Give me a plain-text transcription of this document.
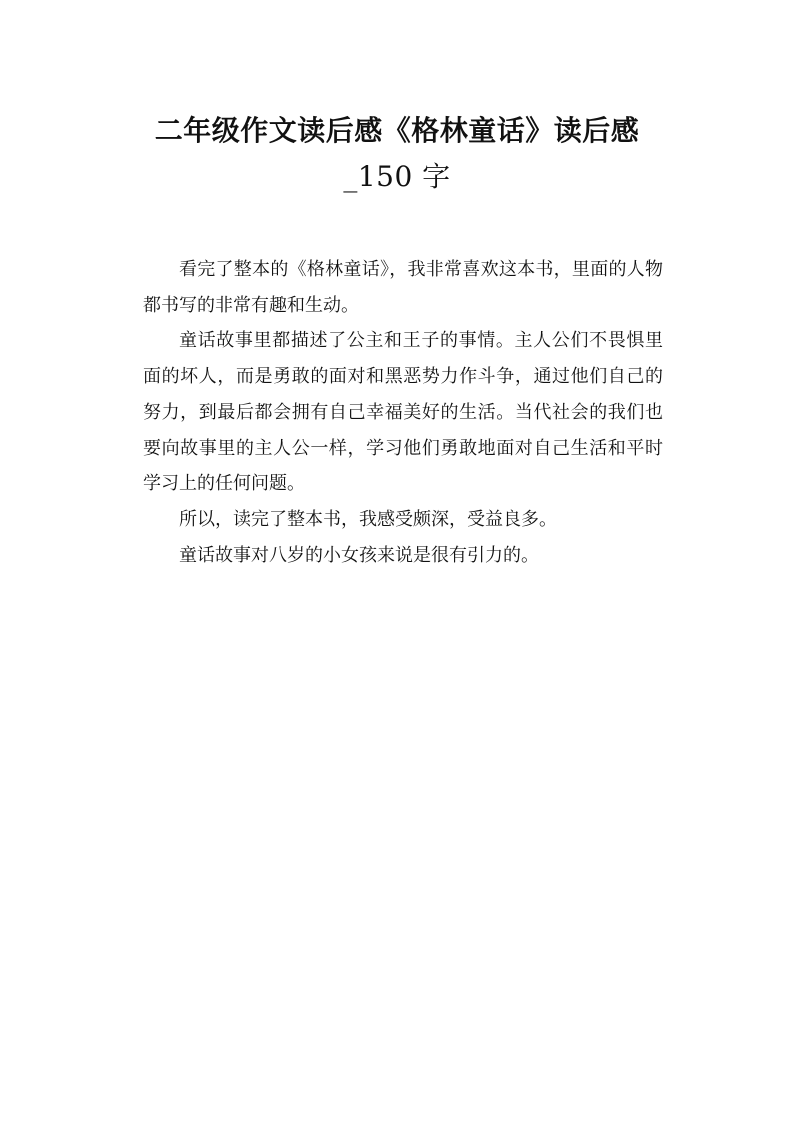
二年级作文读后感《格林童话》读后感
_150 字

看完了整本的《格林童话》，我非常喜欢这本书，里面的人物都书写的非常有趣和生动。

童话故事里都描述了公主和王子的事情。主人公们不畏惧里面的坏人，而是勇敢的面对和黑恶势力作斗争，通过他们自己的努力，到最后都会拥有自己幸福美好的生活。当代社会的我们也要向故事里的主人公一样，学习他们勇敢地面对自己生活和平时学习上的任何问题。

所以，读完了整本书，我感受颇深，受益良多。

童话故事对八岁的小女孩来说是很有引力的。
